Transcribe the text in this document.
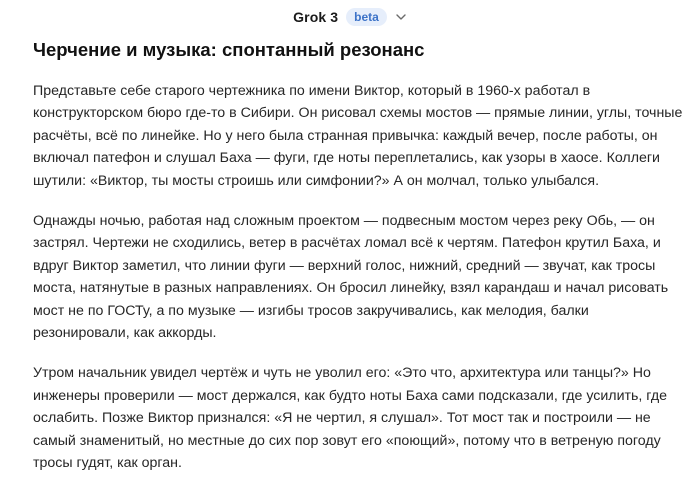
Grok 3	beta
Черчение и музыка: спонтанный резонанс

Представьте себе старого чертежника по имени Виктор, который в 1960-х работал в конструкторском бюро где-то в Сибири. Он рисовал схемы мостов — прямые линии, углы, точные расчёты, всё по линейке. Но у него была странная привычка: каждый вечер, после работы, он включал патефон и слушал Баха — фуги, где ноты переплетались, как узоры в хаосе. Коллеги шутили: «Виктор, ты мосты строишь или симфонии?» А он молчал, только улыбался.

Однажды ночью, работая над сложным проектом — подвесным мостом через реку Обь, — он застрял. Чертежи не сходились, ветер в расчётах ломал всё к чертям. Патефон крутил Баха, и вдруг Виктор заметил, что линии фуги — верхний голос, нижний, средний — звучат, как тросы моста, натянутые в разных направлениях. Он бросил линейку, взял карандаш и начал рисовать мост не по ГОСТу, а по музыке — изгибы тросов закручивались, как мелодия, балки резонировали, как аккорды.

Утром начальник увидел чертёж и чуть не уволил его: «Это что, архитектура или танцы?» Но инженеры проверили — мост держался, как будто ноты Баха сами подсказали, где усилить, где ослабить. Позже Виктор признался: «Я не чертил, я слушал». Тот мост так и построили — не самый знаменитый, но местные до сих пор зовут его «поющий», потому что в ветреную погоду тросы гудят, как орган.
